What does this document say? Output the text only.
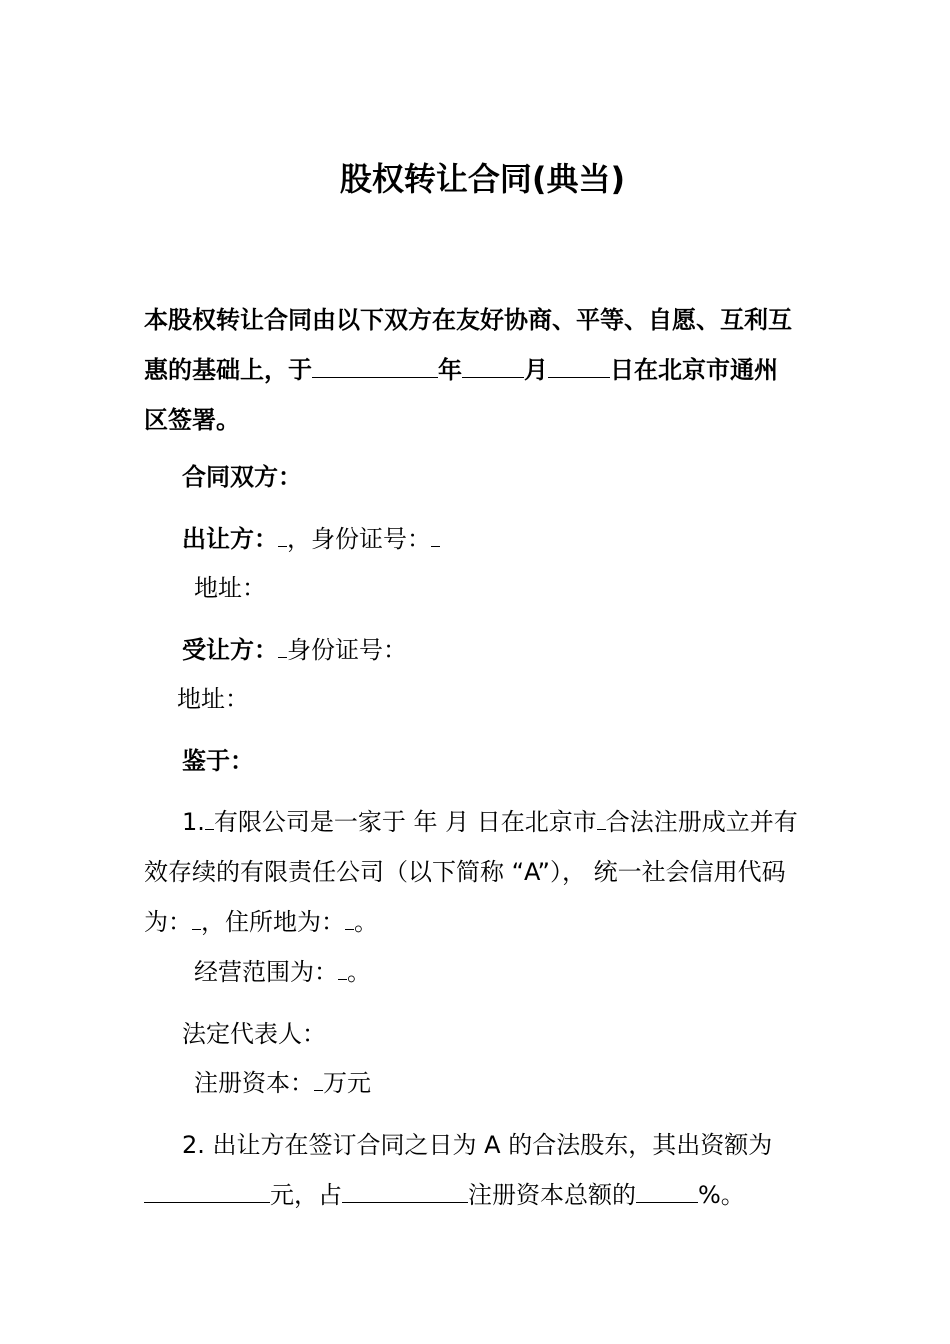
股权转让合同(典当)
本股权转让合同由以下双方在友好协商、平等、自愿、互利互惠的基础上，于	年	月	日在北京市通州区签署。
合同双方：
出让方： ，身份证号：
地址：
受让方： 身份证号：
地址：
鉴于：
1. 有限公司是一家于 年 月 日在北京市 合法注册成立并有效存续的有限责任公司（以下简称 “A”）， 统一社会信用代码为： ，住所地为： 。
经营范围为： 。
法定代表人：
注册资本： 万元
2. 出让方在签订合同之日为 A 的合法股东，其出资额为元，占	注册资本总额的	%。
